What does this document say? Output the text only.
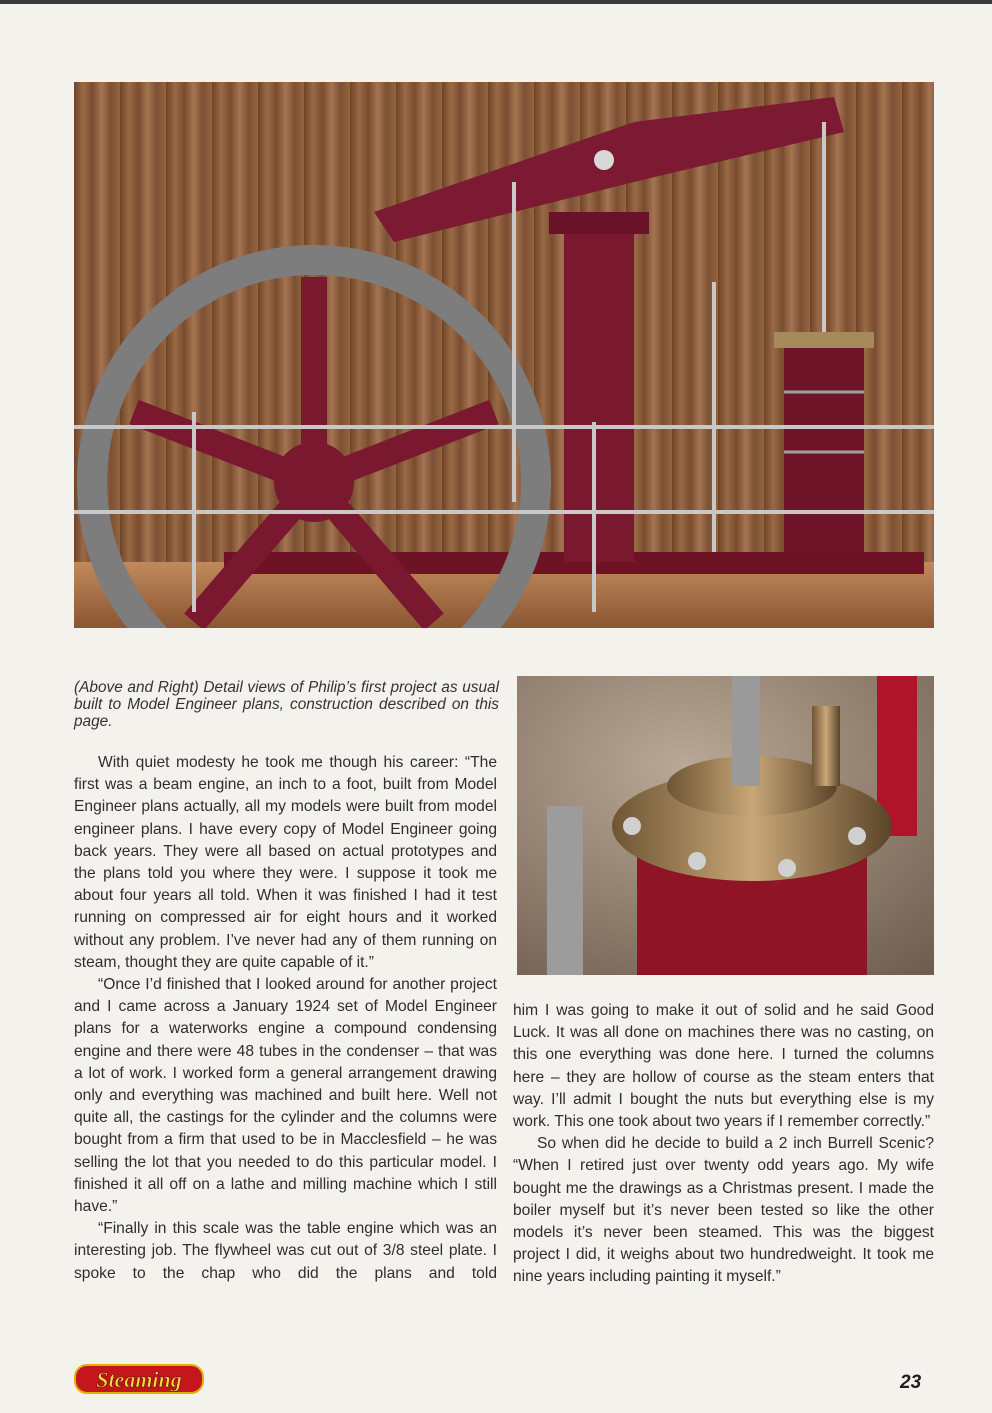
(Above and Right) Detail views of Philip’s first project as usual built to Model Engineer plans, construction described on this page.

With quiet modesty he took me though his career: “The first was a beam engine, an inch to a foot, built from Model Engineer plans actually, all my models were built from model engineer plans. I have every copy of Model Engineer going back years. They were all based on actual prototypes and the plans told you where they were. I suppose it took me about four years all told. When it was finished I had it test running on compressed air for eight hours and it worked without any problem. I’ve never had any of them running on steam, thought they are quite capable of it.”

“Once I’d finished that I looked around for another project and I came across a January 1924 set of Model Engineer plans for a waterworks engine a compound condensing engine and there were 48 tubes in the condenser – that was a lot of work. I worked form a general arrangement drawing only and everything was machined and built here. Well not quite all, the castings for the cylinder and the columns were bought from a firm that used to be in Macclesfield – he was selling the lot that you needed to do this particular model. I finished it all off on a lathe and milling machine which I still have.”

“Finally in this scale was the table engine which was an interesting job. The flywheel was cut out of 3/8 steel plate. I spoke to the chap who did the plans and told

him I was going to make it out of solid and he said Good Luck. It was all done on machines there was no casting, on this one everything was done here. I turned the columns here – they are hollow of course as the steam enters that way. I’ll admit I bought the nuts but everything else is my work. This one took about two years if I remember correctly.”

So when did he decide to build a 2 inch Burrell Scenic? “When I retired just over twenty odd years ago. My wife bought me the drawings as a Christmas present. I made the boiler myself but it’s never been tested so like the other models it’s never been steamed. This was the biggest project I did, it weighs about two hundredweight. It took me nine years including painting it myself.”

Steaming	23
